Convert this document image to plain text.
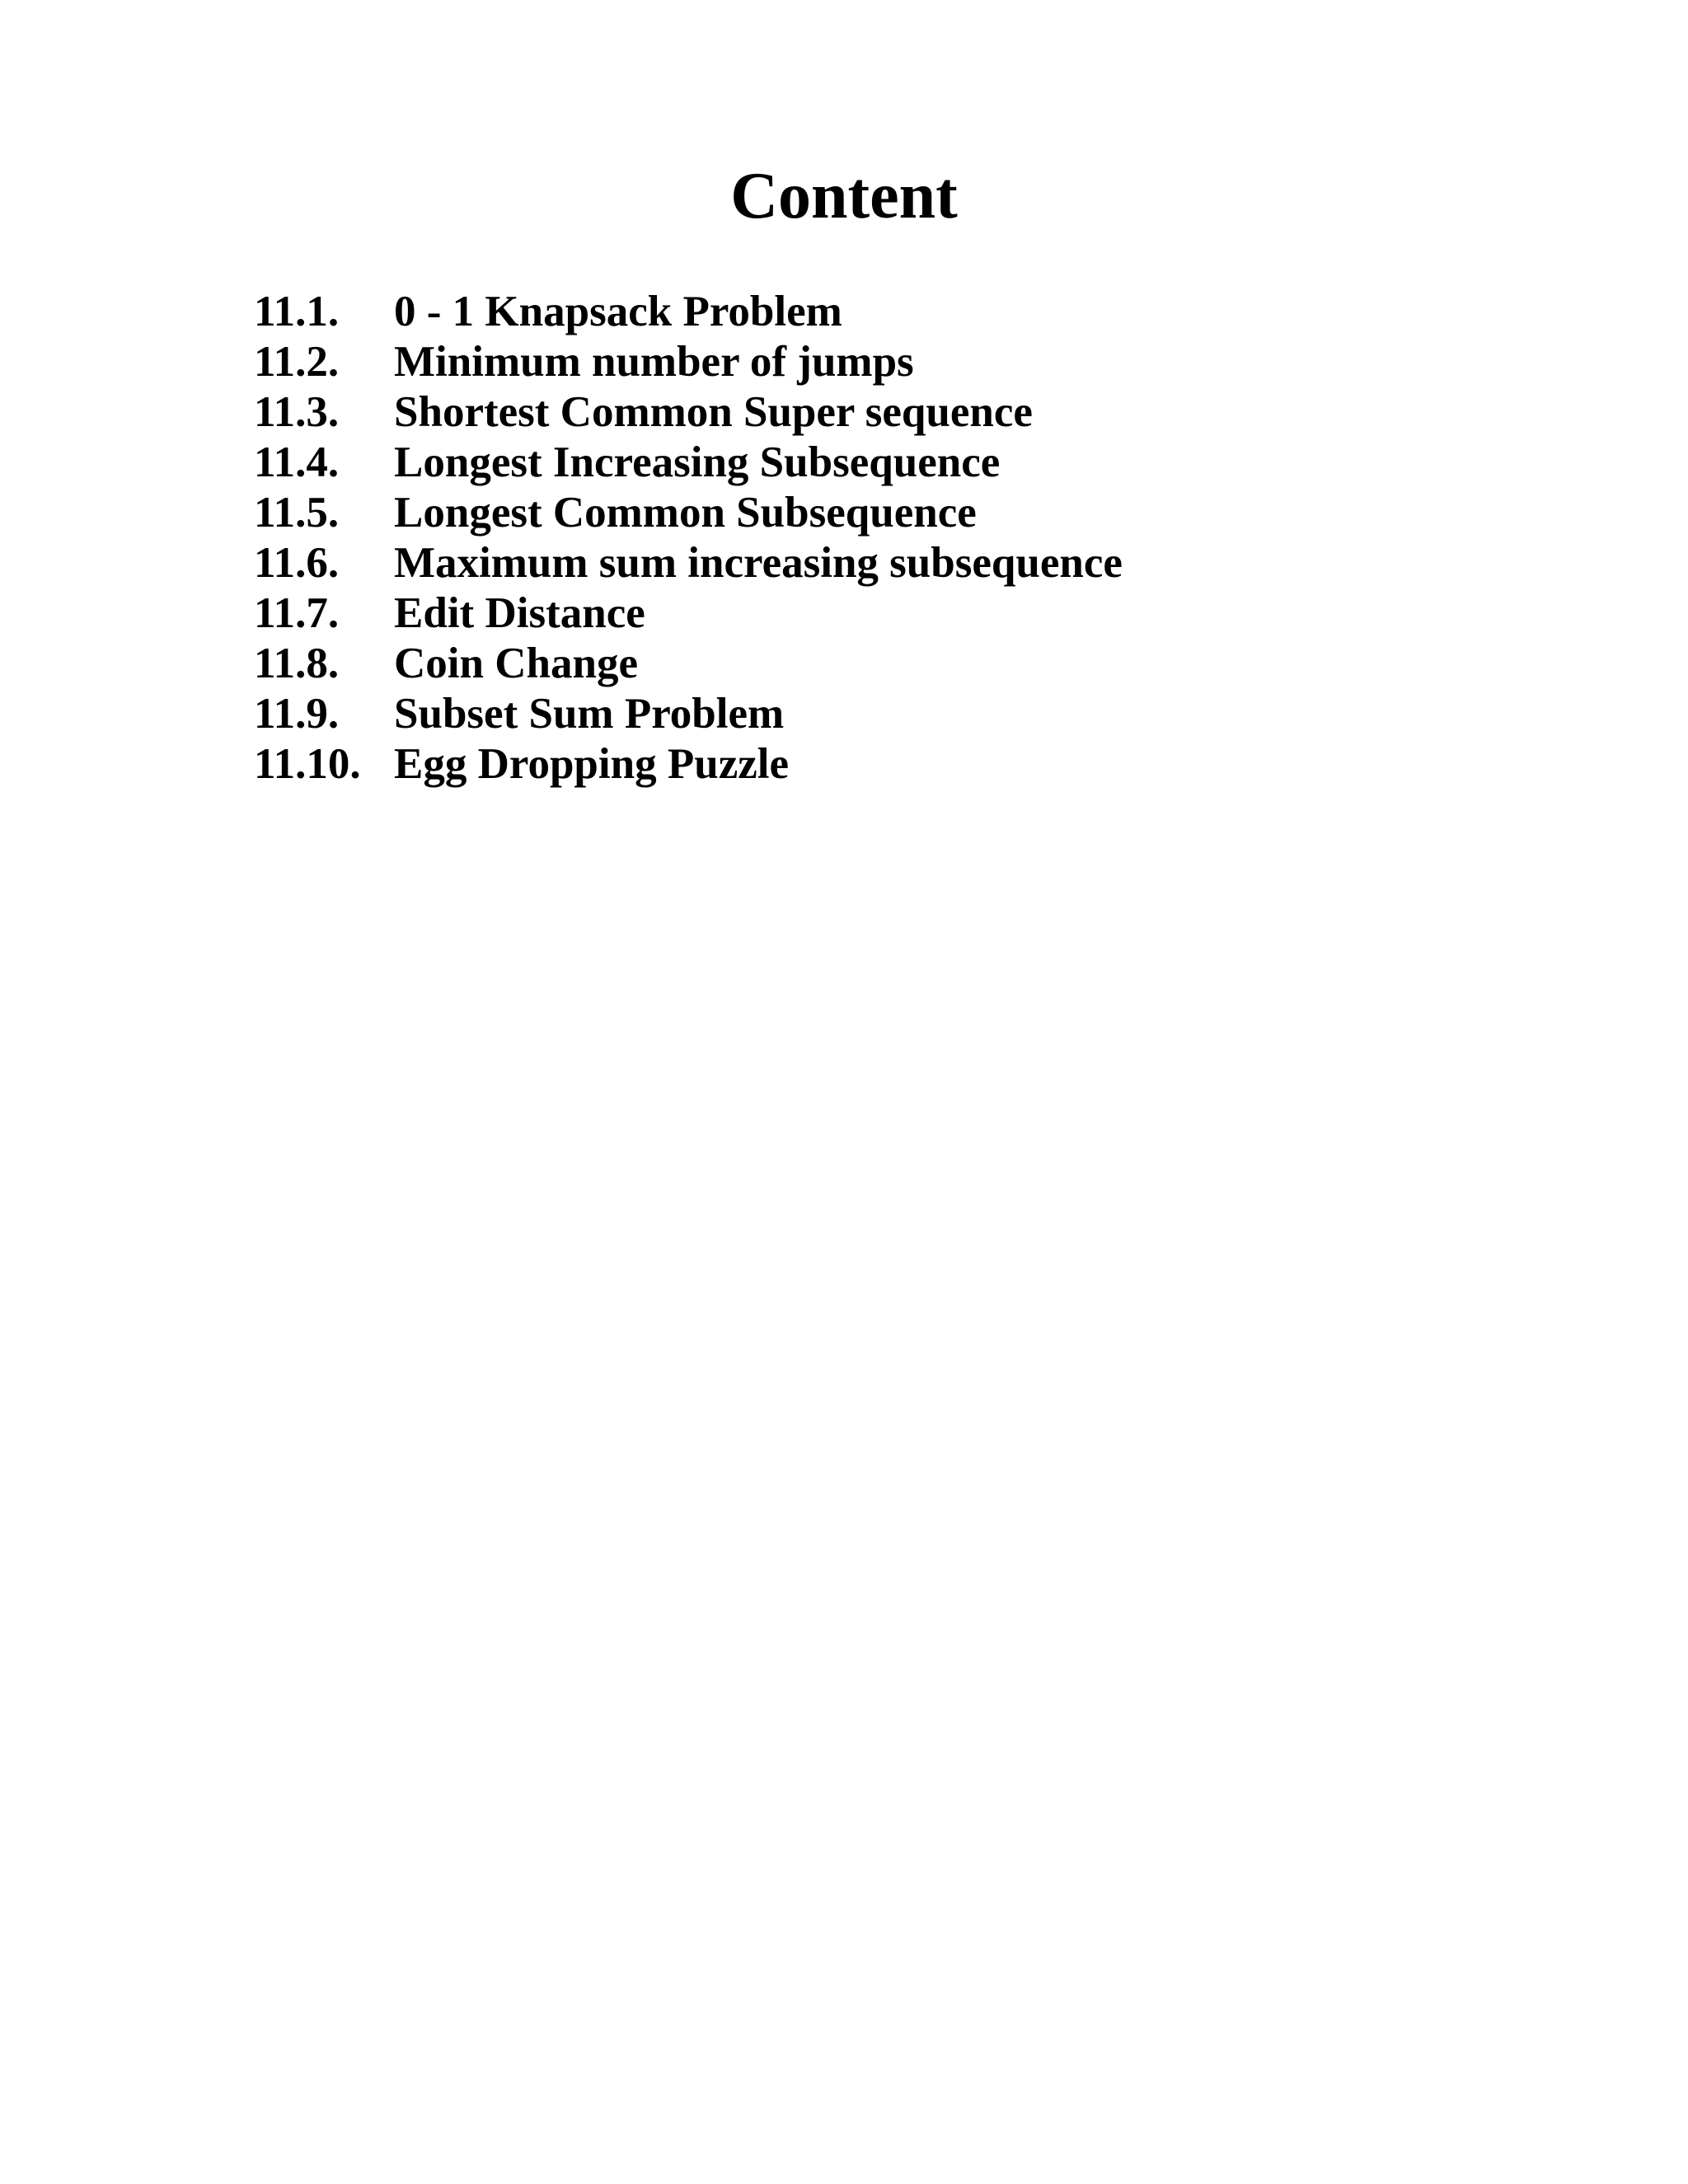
Content
11.1.	0 - 1 Knapsack Problem
11.2.	Minimum number of jumps
11.3.	Shortest Common Super sequence
11.4.	Longest Increasing Subsequence
11.5.	Longest Common Subsequence
11.6.	Maximum sum increasing subsequence
11.7.	Edit Distance
11.8.	Coin Change
11.9.	Subset Sum Problem
11.10. Egg Dropping Puzzle
